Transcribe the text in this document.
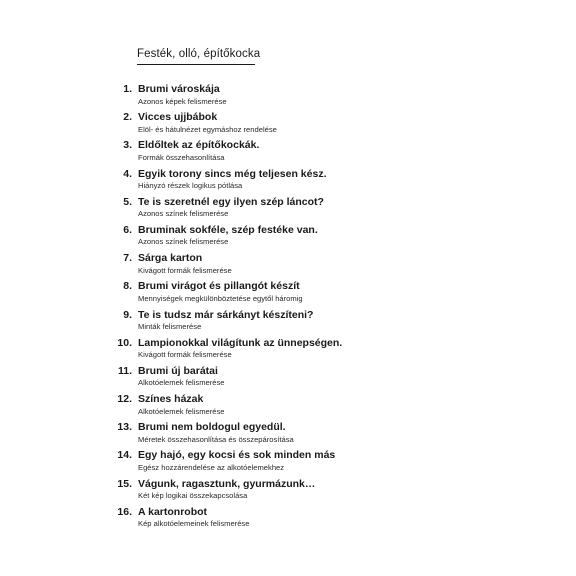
Festék, olló, építőkocka
1. Brumi városkája
Azonos képek felismerése
2. Vicces ujjbábok
Elöl- és hátulnézet egymáshoz rendelése
3. Eldőltek az építőkockák.
Formák összehasonlítása
4. Egyik torony sincs még teljesen kész.
Hiányzó részek logikus pótlása
5. Te is szeretnél egy ilyen szép láncot?
Azonos színek felismerése
6. Bruminak sokféle, szép festéke van.
Azonos színek felismerése
7. Sárga karton
Kivágott formák felismerése
8. Brumi virágot és pillangót készít
Mennyiségek megkülönböztetése egytől háromig
9. Te is tudsz már sárkányt készíteni?
Minták felismerése
10. Lampionokkal világítunk az ünnepségen.
Kivágott formák felismerése
11. Brumi új barátai
Alkotóelemek felismerése
12. Színes házak
Alkotóelemek felismerése
13. Brumi nem boldogul egyedül.
Méretek összehasonlítása és összepárosítása
14. Egy hajó, egy kocsi és sok minden más
Egész hozzárendelése az alkotóelemekhez
15. Vágunk, ragasztunk, gyurmázunk…
Két kép logikai összekapcsolása
16. A kartonrobot
Kép alkotóelemeinek felismerése
